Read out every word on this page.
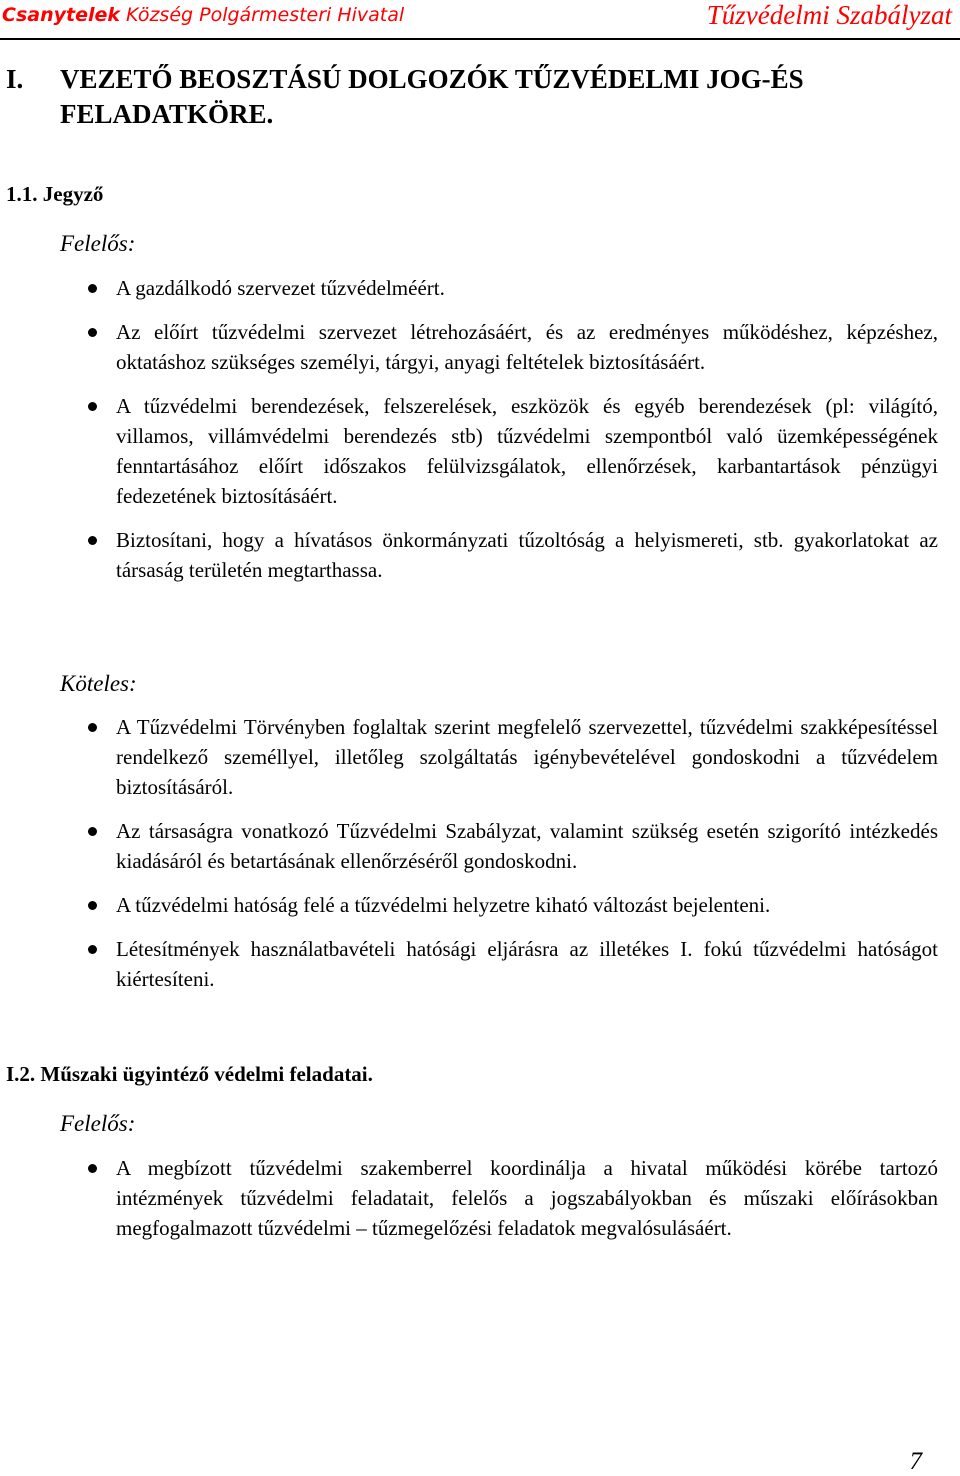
Csanytelek Község Polgármesteri Hivatal	Tűzvédelmi Szabályzat
I. VEZETŐ BEOSZTÁSÚ DOLGOZÓK TŰZVÉDELMI JOG-ÉS
FELADATKÖRE.
1.1. Jegyző
Felelős:
A gazdálkodó szervezet tűzvédelméért.
Az előírt tűzvédelmi szervezet létrehozásáért, és az eredményes működéshez, képzéshez, oktatáshoz szükséges személyi, tárgyi, anyagi feltételek biztosításáért.
A tűzvédelmi berendezések, felszerelések, eszközök és egyéb berendezések (pl: világító, villamos, villámvédelmi berendezés stb) tűzvédelmi szempontból való üzemképességének fenntartásához előírt időszakos felülvizsgálatok, ellenőrzések, karbantartások pénzügyi fedezetének biztosításáért.
Biztosítani, hogy a hívatásos önkormányzati tűzoltóság a helyismereti, stb. gyakorlatokat az társaság területén megtarthassa.
Köteles:
A Tűzvédelmi Törvényben foglaltak szerint megfelelő szervezettel, tűzvédelmi szakképesítéssel rendelkező személlyel, illetőleg szolgáltatás igénybevételével gondoskodni a tűzvédelem biztosításáról.
Az társaságra vonatkozó Tűzvédelmi Szabályzat, valamint szükség esetén szigorító intézkedés kiadásáról és betartásának ellenőrzéséről gondoskodni.
A tűzvédelmi hatóság felé a tűzvédelmi helyzetre kiható változást bejelenteni.
Létesítmények használatbavételi hatósági eljárásra az illetékes I. fokú tűzvédelmi hatóságot kiértesíteni.
I.2. Műszaki ügyintéző védelmi feladatai.
Felelős:
A megbízott tűzvédelmi szakemberrel koordinálja a hivatal működési körébe tartozó intézmények tűzvédelmi feladatait, felelős a jogszabályokban és műszaki előírásokban megfogalmazott tűzvédelmi – tűzmegelőzési feladatok megvalósulásáért.
7
